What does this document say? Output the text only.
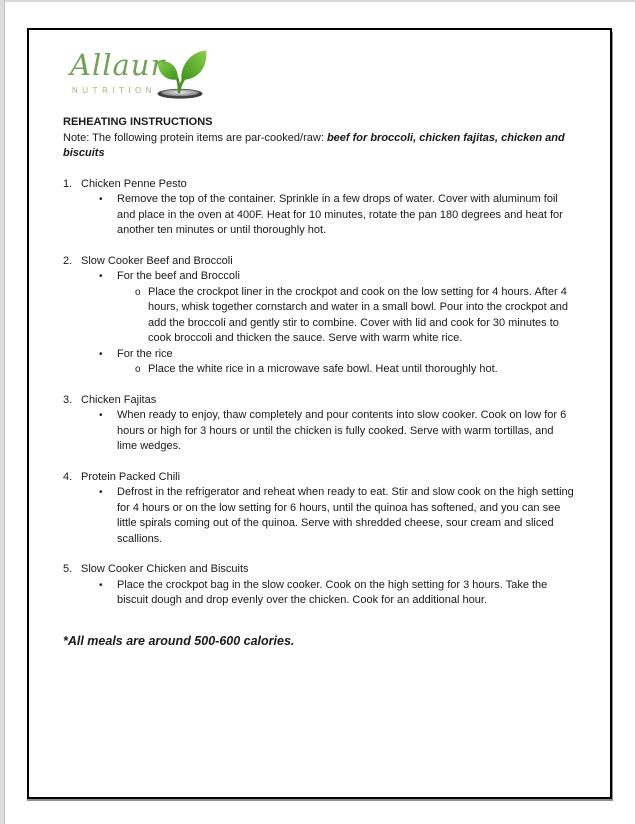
Allaur
NUTRITION
REHEATING INSTRUCTIONS
Note: The following protein items are par-cooked/raw: beef for broccoli, chicken fajitas, chicken and biscuits
1. Chicken Penne Pesto
•	Remove the top of the container. Sprinkle in a few drops of water. Cover with aluminum foil and place in the oven at 400F. Heat for 10 minutes, rotate the pan 180 degrees and heat for another ten minutes or until thoroughly hot.
2. Slow Cooker Beef and Broccoli
•	For the beef and Broccoli
o Place the crockpot liner in the crockpot and cook on the low setting for 4 hours. After 4 hours, whisk together cornstarch and water in a small bowl. Pour into the crockpot and add the broccoli and gently stir to combine. Cover with lid and cook for 30 minutes to cook broccoli and thicken the sauce. Serve with warm white rice.
•	For the rice
o Place the white rice in a microwave safe bowl. Heat until thoroughly hot.
3. Chicken Fajitas
•	When ready to enjoy, thaw completely and pour contents into slow cooker. Cook on low for 6 hours or high for 3 hours or until the chicken is fully cooked. Serve with warm tortillas, and lime wedges.
4. Protein Packed Chili
•	Defrost in the refrigerator and reheat when ready to eat. Stir and slow cook on the high setting for 4 hours or on the low setting for 6 hours, until the quinoa has softened, and you can see little spirals coming out of the quinoa. Serve with shredded cheese, sour cream and sliced scallions.
5. Slow Cooker Chicken and Biscuits
•	Place the crockpot bag in the slow cooker. Cook on the high setting for 3 hours. Take the biscuit dough and drop evenly over the chicken. Cook for an additional hour.
*All meals are around 500-600 calories.
